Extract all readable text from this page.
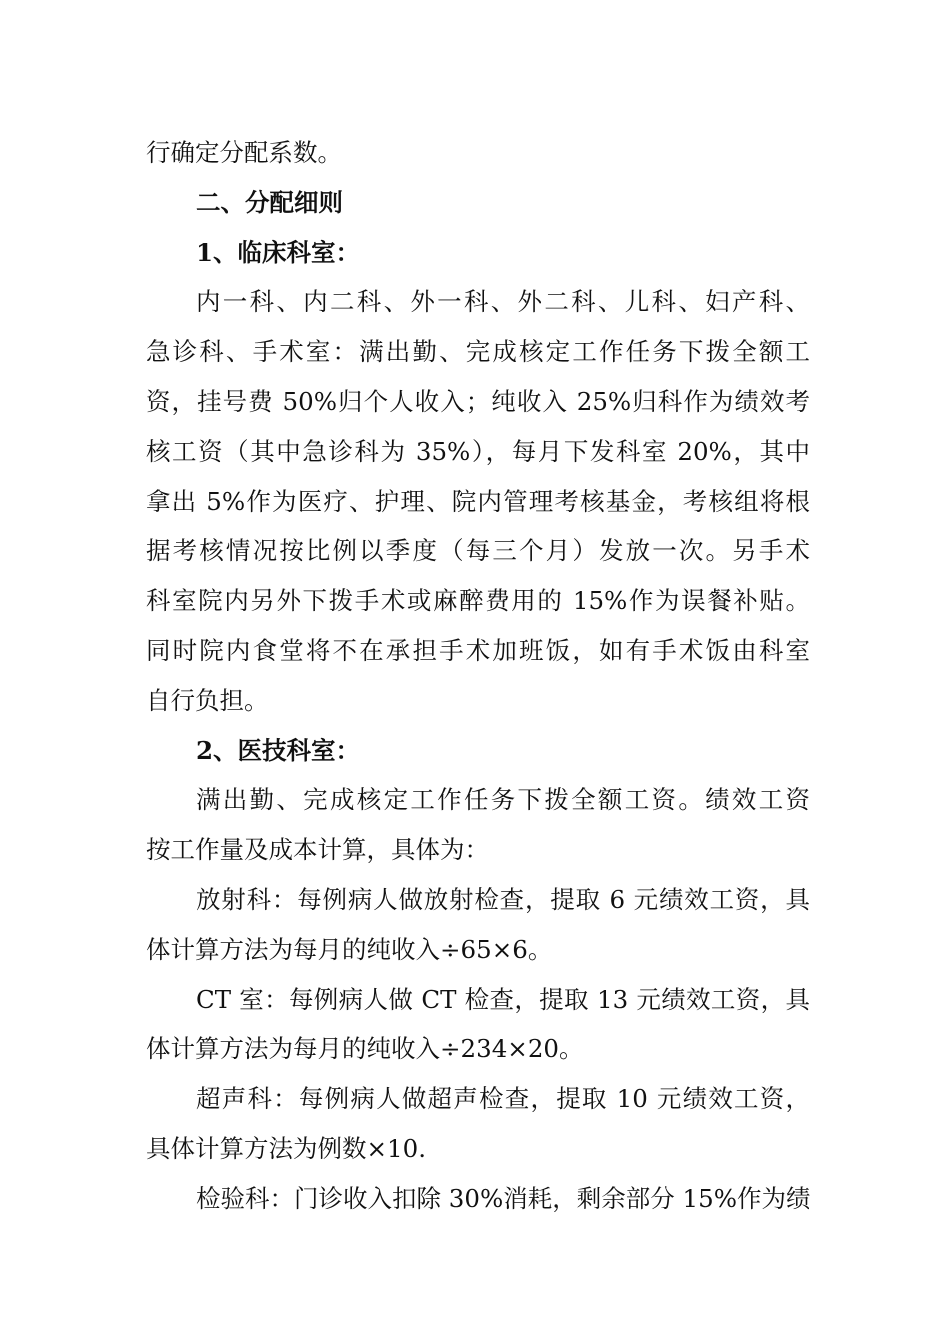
行确定分配系数。
二、分配细则
1、临床科室：
内一科、内二科、外一科、外二科、儿科、妇产科、
急诊科、手术室：满出勤、完成核定工作任务下拨全额工
资，挂号费 50%归个人收入；纯收入 25%归科作为绩效考
核工资（其中急诊科为 35%），每月下发科室 20%，其中
拿出 5%作为医疗、护理、院内管理考核基金，考核组将根
据考核情况按比例以季度（每三个月）发放一次。另手术
科室院内另外下拨手术或麻醉费用的 15%作为误餐补贴。
同时院内食堂将不在承担手术加班饭，如有手术饭由科室
自行负担。
2、医技科室：
满出勤、完成核定工作任务下拨全额工资。绩效工资
按工作量及成本计算，具体为：
放射科：每例病人做放射检查，提取 6 元绩效工资，具
体计算方法为每月的纯收入÷65×6。
CT 室：每例病人做 CT 检查，提取 13 元绩效工资，具
体计算方法为每月的纯收入÷234×20。
超声科：每例病人做超声检查，提取 10 元绩效工资，
具体计算方法为例数×10.
检验科：门诊收入扣除 30%消耗，剩余部分 15%作为绩
